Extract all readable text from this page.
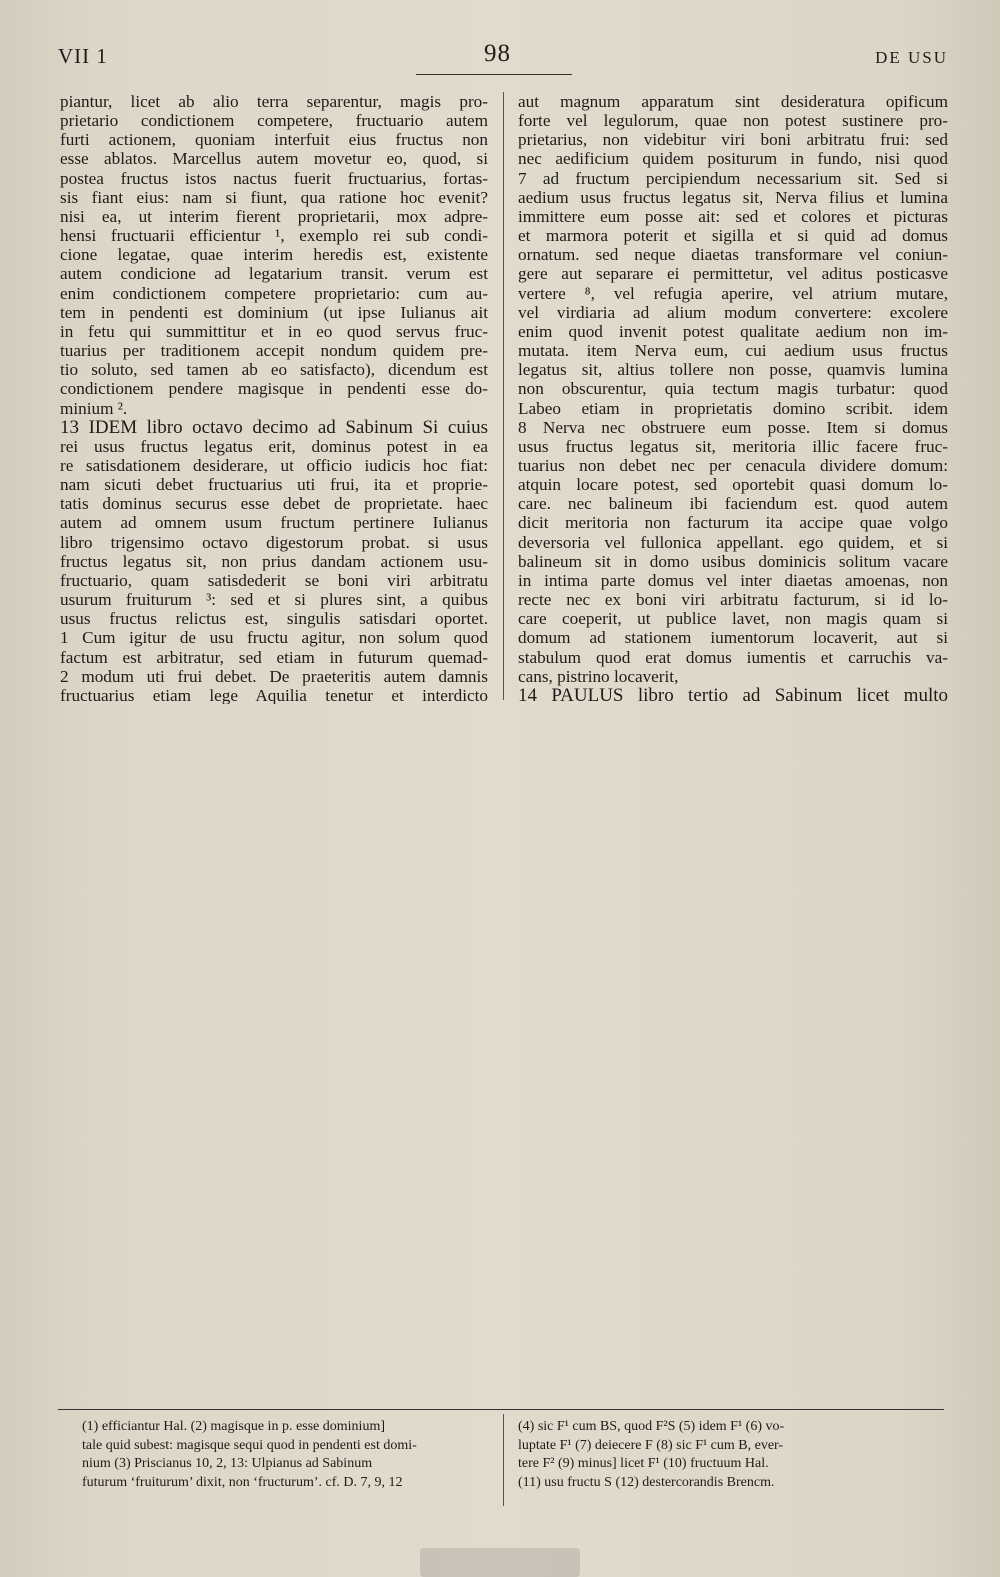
VII 1	98	DE USU
piantur, licet ab alio terra separentur, magis pro-
prietario condictionem competere, fructuario autem
furti actionem, quoniam interfuit eius fructus non
esse ablatos. Marcellus autem movetur eo, quod, si
postea fructus istos nactus fuerit fructuarius, fortas-
sis fiant eius: nam si fiunt, qua ratione hoc evenit?
nisi ea, ut interim fierent proprietarii, mox adpre-
hensi fructuarii efficientur ¹, exemplo rei sub condi-
cione legatae, quae interim heredis est, existente
autem condicione ad legatarium transit. verum est
enim condictionem competere proprietario: cum au-
tem in pendenti est dominium (ut ipse Iulianus ait
in fetu qui summittitur et in eo quod servus fruc-
tuarius per traditionem accepit nondum quidem pre-
tio soluto, sed tamen ab eo satisfacto), dicendum est
condictionem pendere magisque in pendenti esse do-
minium ².
13 IDEM libro octavo decimo ad Sabinum Si cuius
rei usus fructus legatus erit, dominus potest in ea
re satisdationem desiderare, ut officio iudicis hoc fiat:
nam sicuti debet fructuarius uti frui, ita et proprie-
tatis dominus securus esse debet de proprietate. haec
autem ad omnem usum fructum pertinere Iulianus
libro trigensimo octavo digestorum probat. si usus
fructus legatus sit, non prius dandam actionem usu-
fructuario, quam satisdederit se boni viri arbitratu
usurum fruiturum ³: sed et si plures sint, a quibus
usus fructus relictus est, singulis satisdari oportet.
1 Cum igitur de usu fructu agitur, non solum quod
factum est arbitratur, sed etiam in futurum quemad-
2 modum uti frui debet. De praeteritis autem damnis
fructuarius etiam lege Aquilia tenetur et interdicto
aut magnum apparatum sint desideratura opificum
forte vel legulorum, quae non potest sustinere pro-
prietarius, non videbitur viri boni arbitratu frui: sed
nec aedificium quidem positurum in fundo, nisi quod
7 ad fructum percipiendum necessarium sit. Sed si
aedium usus fructus legatus sit, Nerva filius et lumina
immittere eum posse ait: sed et colores et picturas
et marmora poterit et sigilla et si quid ad domus
ornatum. sed neque diaetas transformare vel coniun-
gere aut separare ei permittetur, vel aditus posticasve
vertere ⁸, vel refugia aperire, vel atrium mutare,
vel virdiaria ad alium modum convertere: excolere
enim quod invenit potest qualitate aedium non im-
mutata. item Nerva eum, cui aedium usus fructus
legatus sit, altius tollere non posse, quamvis lumina
non obscurentur, quia tectum magis turbatur: quod
Labeo etiam in proprietatis domino scribit. idem
8 Nerva nec obstruere eum posse. Item si domus
usus fructus legatus sit, meritoria illic facere fruc-
tuarius non debet nec per cenacula dividere domum:
atquin locare potest, sed oportebit quasi domum lo-
care. nec balineum ibi faciendum est. quod autem
dicit meritoria non facturum ita accipe quae volgo
deversoria vel fullonica appellant. ego quidem, et si
balineum sit in domo usibus dominicis solitum vacare
in intima parte domus vel inter diaetas amoenas, non
recte nec ex boni viri arbitratu facturum, si id lo-
care coeperit, ut publice lavet, non magis quam si
domum ad stationem iumentorum locaverit, aut si
stabulum quod erat domus iumentis et carruchis va-
cans, pistrino locaverit,
14 PAULUS libro tertio ad Sabinum licet multo
(1) efficiantur Hal. (2) magisque in p. esse dominium]
tale quid subest: magisque sequi quod in pendenti est domi-
nium (3) Priscianus 10, 2, 13: Ulpianus ad Sabinum
futurum ‘fruiturum’ dixit, non ‘fructurum’. cf. D. 7, 9, 12
(4) sic F¹ cum BS, quod F²S (5) idem F¹ (6) vo-
luptate F¹ (7) deiecere F (8) sic F¹ cum B, ever-
tere F² (9) minus] licet F¹ (10) fructuum Hal.
(11) usu fructu S (12) destercorandis Brencm.
